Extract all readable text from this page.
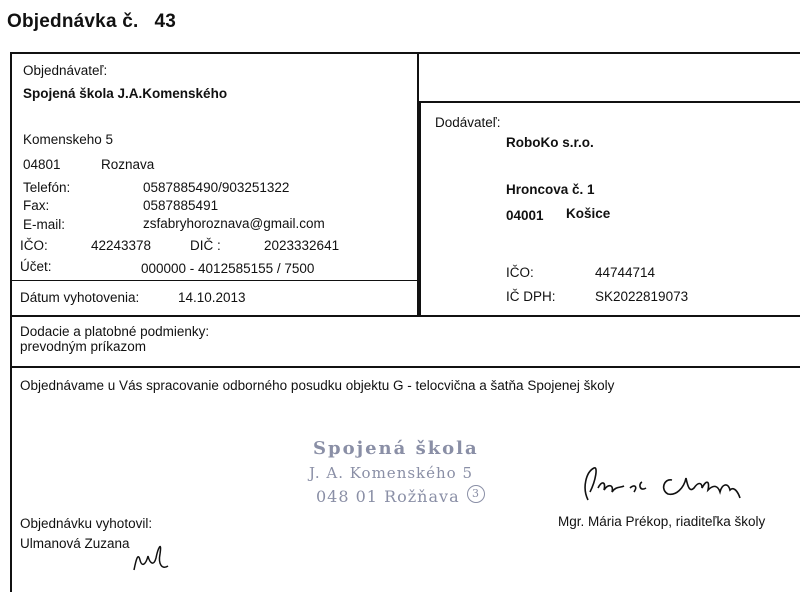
Objednávka č. 43
Objednávateľ:
Spojená škola J.A.Komenského
Komenskeho 5
04801	Roznava
Telefón:	0587885490/903251322
Fax:	0587885491
E-mail:	zsfabryhoroznava@gmail.com
IČO:	42243378	DIČ :	2023332641
Účet:	000000 - 4012585155 / 7500
Dátum vyhotovenia:	14.10.2013
Dodávateľ:
RoboKo s.r.o.
Hroncova č. 1
04001 Košice
IČO:	44744714
IČ DPH:	SK2022819073
Dodacie a platobné podmienky:
prevodným príkazom
Objednávame u Vás spracovanie odborného posudku objektu G - telocvična a šatňa Spojenej školy
Spojená škola
J. A. Komenského 5
048 01 Rožňava	3
Mgr. Mária Prékop, riaditeľka školy
Objednávku vyhotovil:
Ulmanová Zuzana
